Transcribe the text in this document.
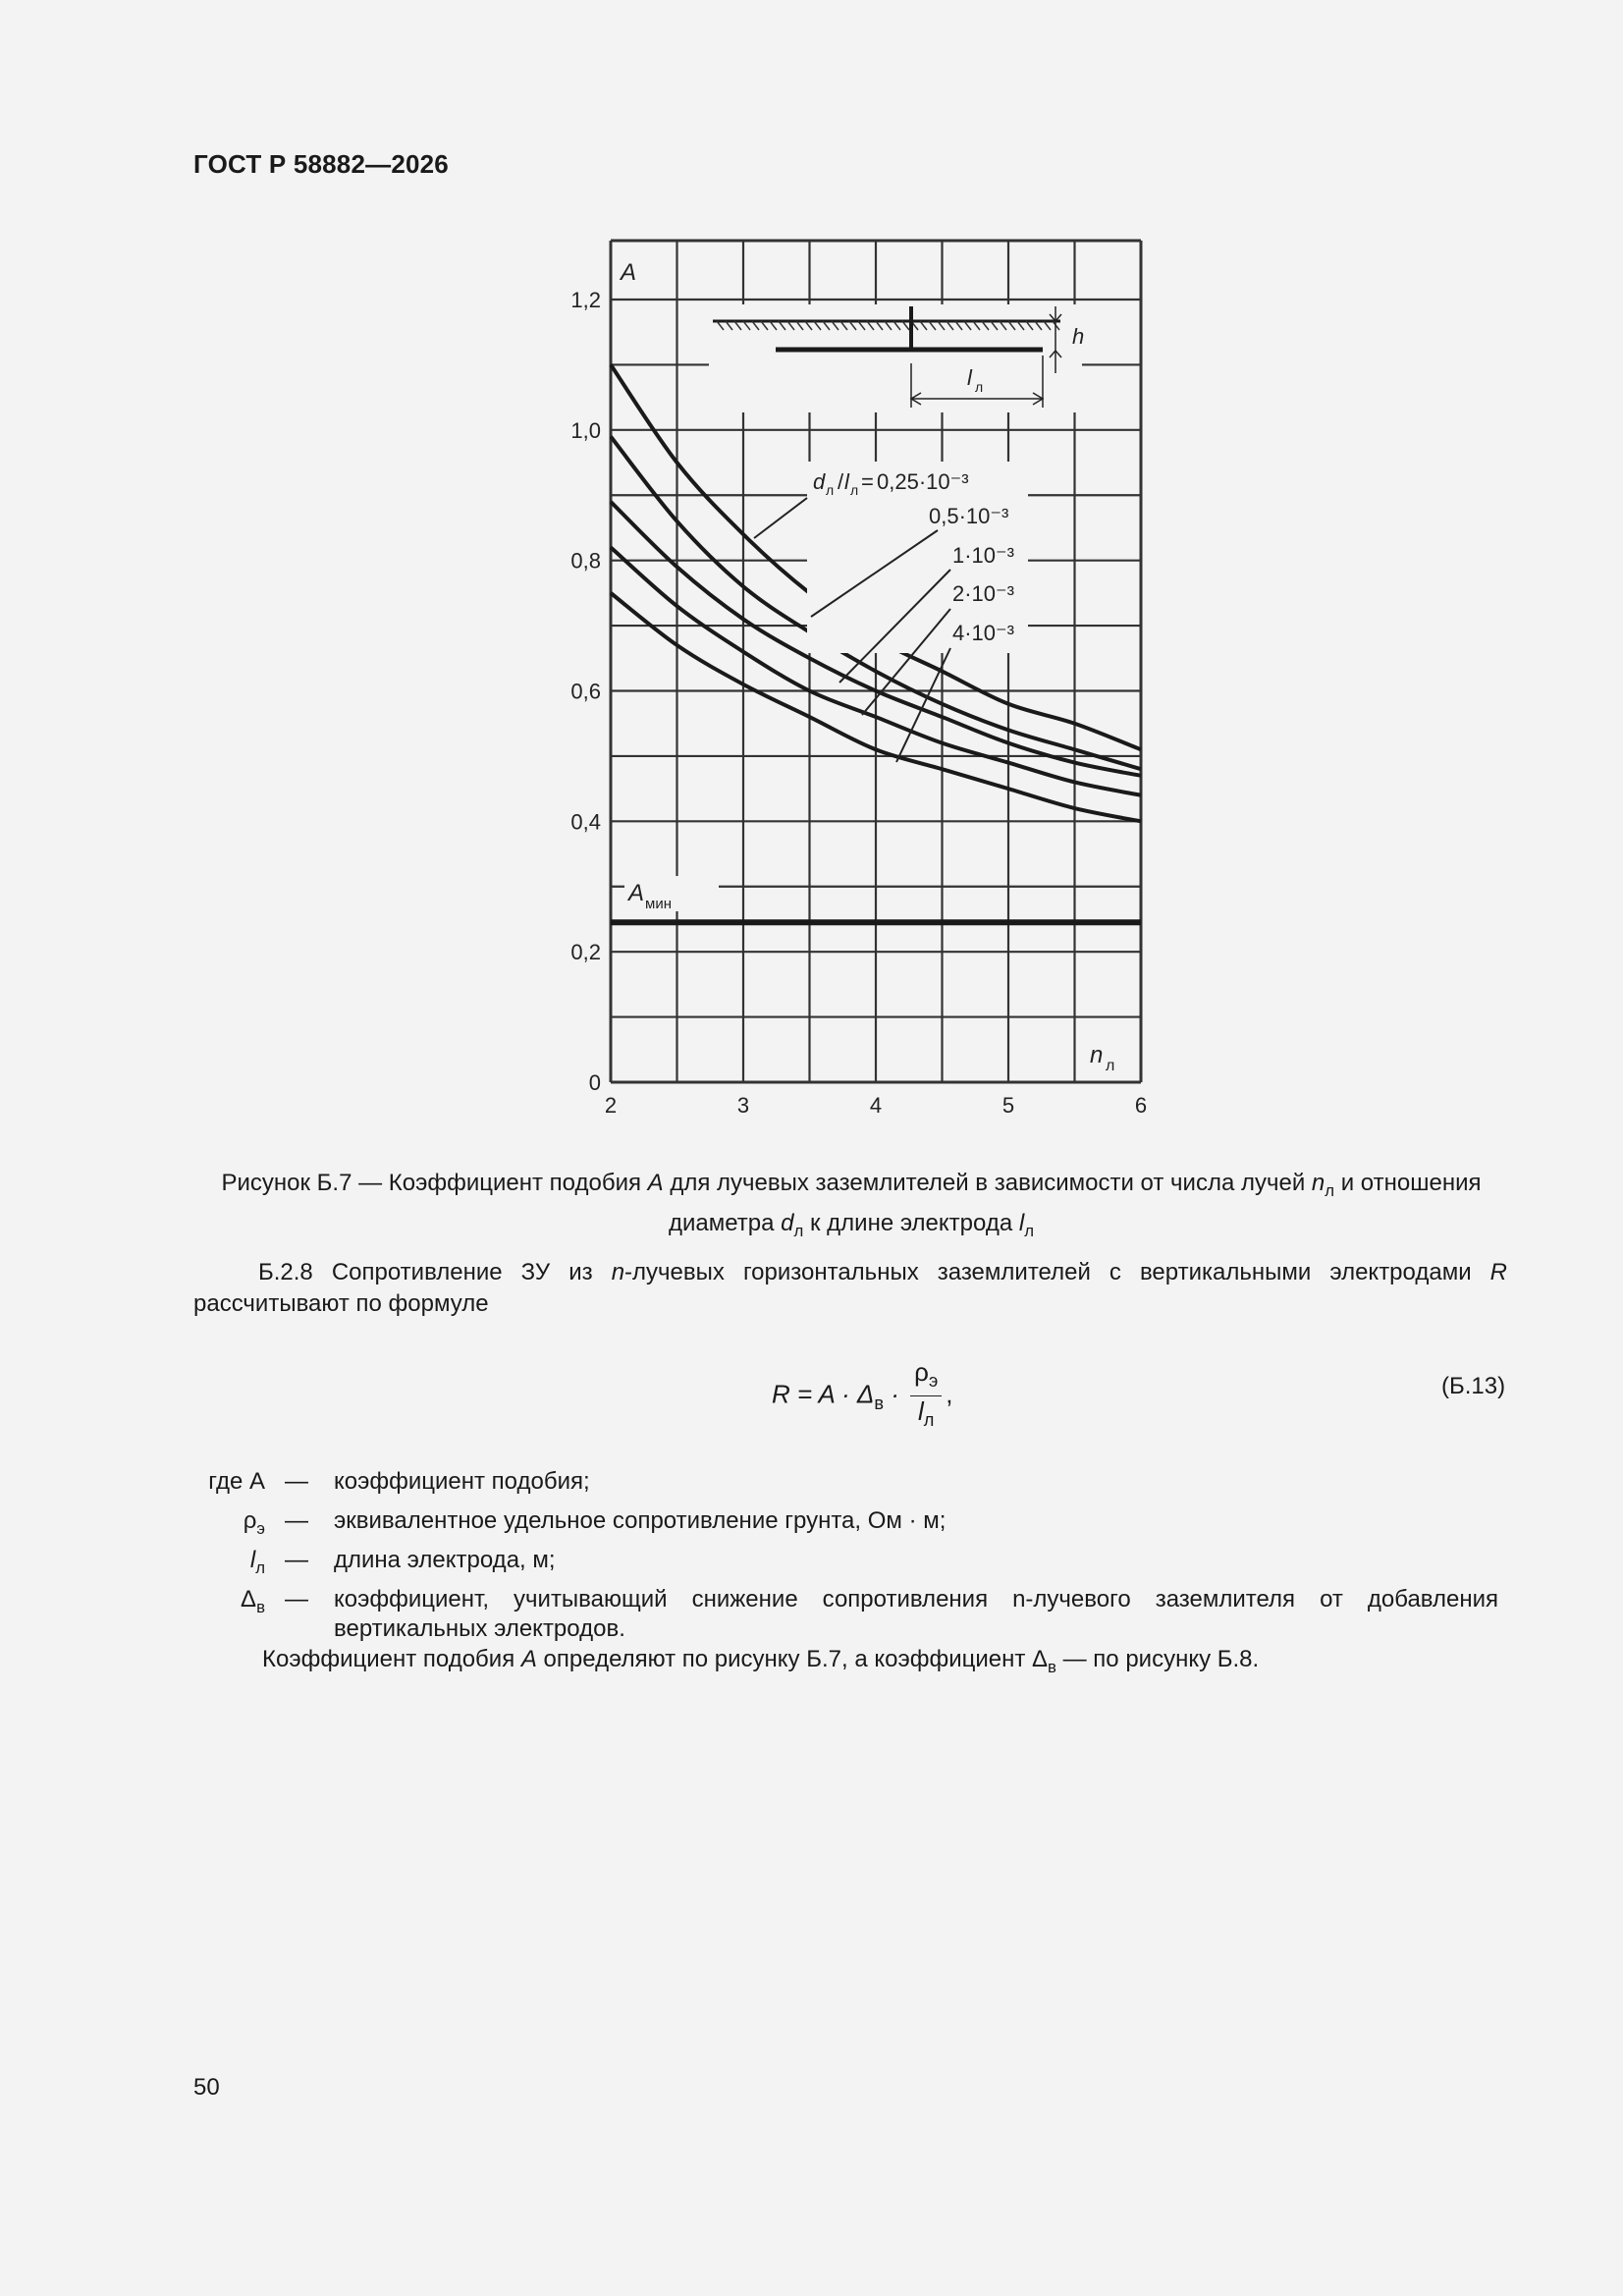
ГОСТ Р 58882—2026
0
0,2
0,4
0,6
0,8
1,0
1,2
2	3	4	5	6
A
n л
A мин
d л / l л = 0,25·10⁻³
0,5·10⁻³
1·10⁻³
2·10⁻³
4·10⁻³
h
l л
Рисунок Б.7 — Коэффициент подобия A для лучевых заземлителей в зависимости от числа лучей $n_л$ и отношения диаметра $d_л$ к длине электрода $l_л$
Б.2.8 Сопротивление ЗУ из n-лучевых горизонтальных заземлителей с вертикальными электродами R рассчитывают по формуле
$R = A \cdot \Delta_в \cdot \frac{\rho_э}{l_л}$ ,	(Б.13)
где A — коэффициент подобия;
$\rho_э$ — эквивалентное удельное сопротивление грунта, Ом · м;
$l_л$ — длина электрода, м;
$\Delta_в$ — коэффициент, учитывающий снижение сопротивления n-лучевого заземлителя от добавления вертикальных электродов.
Коэффициент подобия A определяют по рисунку Б.7, а коэффициент $\Delta_в$ — по рисунку Б.8.
50
